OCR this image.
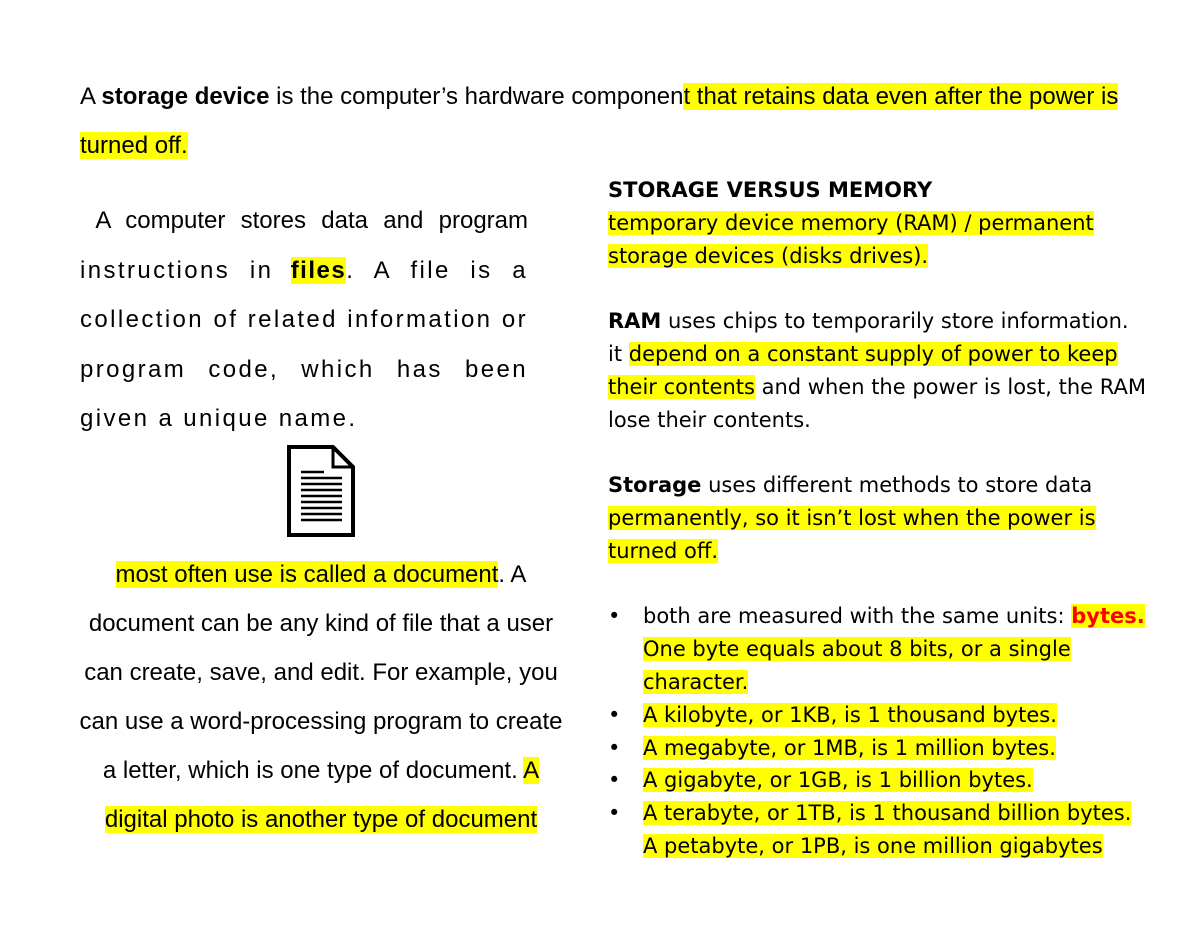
A storage device is the computer’s hardware component that retains data even after the power is turned off.
A computer stores data and program instructions in files. A file is a collection of related information or program code, which has been given a unique name.
most often use is called a document. A document can be any kind of file that a user can create, save, and edit. For example, you can use a word-processing program to create a letter, which is one type of document. A digital photo is another type of document

STORAGE VERSUS MEMORY

temporary device memory (RAM) / permanent storage devices (disks drives).

RAM uses chips to temporarily store information. it depend on a constant supply of power to keep their contents and when the power is lost, the RAM lose their contents.

Storage uses different methods to store data permanently, so it isn’t lost when the power is turned off.

•	both are measured with the same units: bytes. One byte equals about 8 bits, or a single character.
•	A kilobyte, or 1KB, is 1 thousand bytes.
•	A megabyte, or 1MB, is 1 million bytes.
•	A gigabyte, or 1GB, is 1 billion bytes.
•	A terabyte, or 1TB, is 1 thousand billion bytes. A petabyte, or 1PB, is one million gigabytes
